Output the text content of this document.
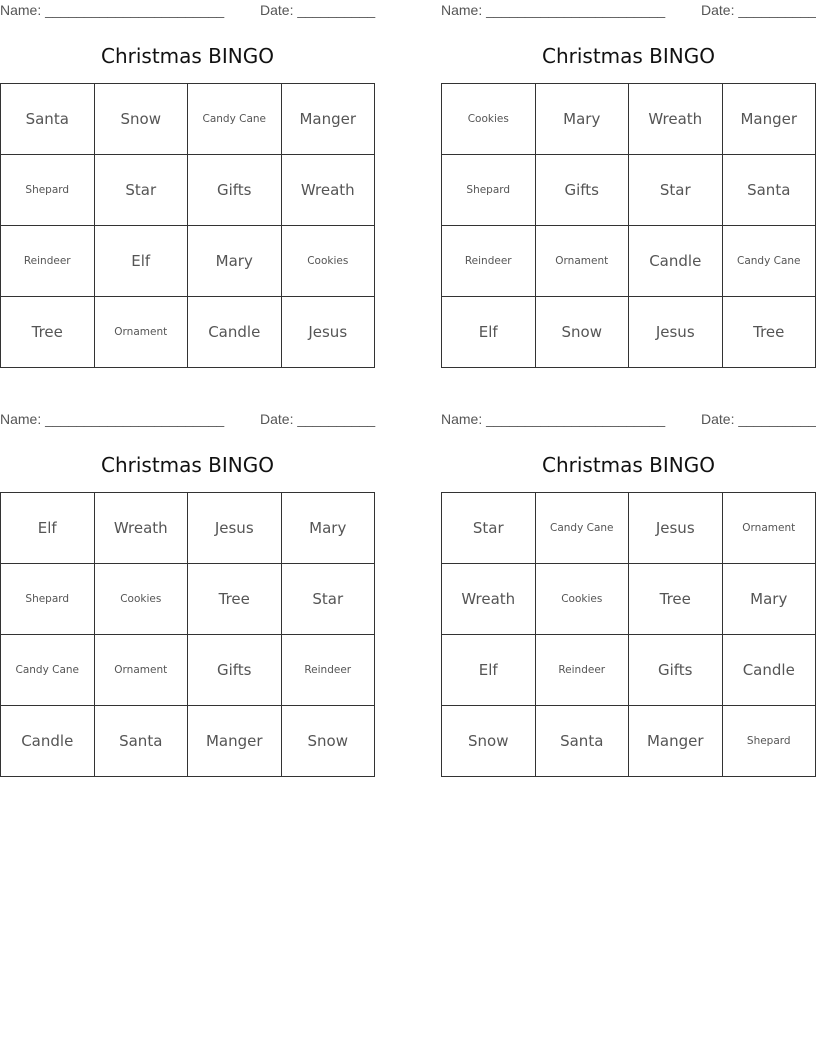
Name: _______________________	Date: __________
Christmas BINGO
Santa	Snow	Candy Cane	Manger
Shepard	Star	Gifts	Wreath
Reindeer	Elf	Mary	Cookies
Tree	Ornament	Candle	Jesus
Name: _______________________	Date: __________
Christmas BINGO
Cookies	Mary	Wreath	Manger
Shepard	Gifts	Star	Santa
Reindeer	Ornament	Candle	Candy Cane
Elf	Snow	Jesus	Tree
Name: _______________________	Date: __________
Christmas BINGO
Elf	Wreath	Jesus	Mary
Shepard	Cookies	Tree	Star
Candy Cane	Ornament	Gifts	Reindeer
Candle	Santa	Manger	Snow
Name: _______________________	Date: __________
Christmas BINGO
Star	Candy Cane	Jesus	Ornament
Wreath	Cookies	Tree	Mary
Elf	Reindeer	Gifts	Candle
Snow	Santa	Manger	Shepard
